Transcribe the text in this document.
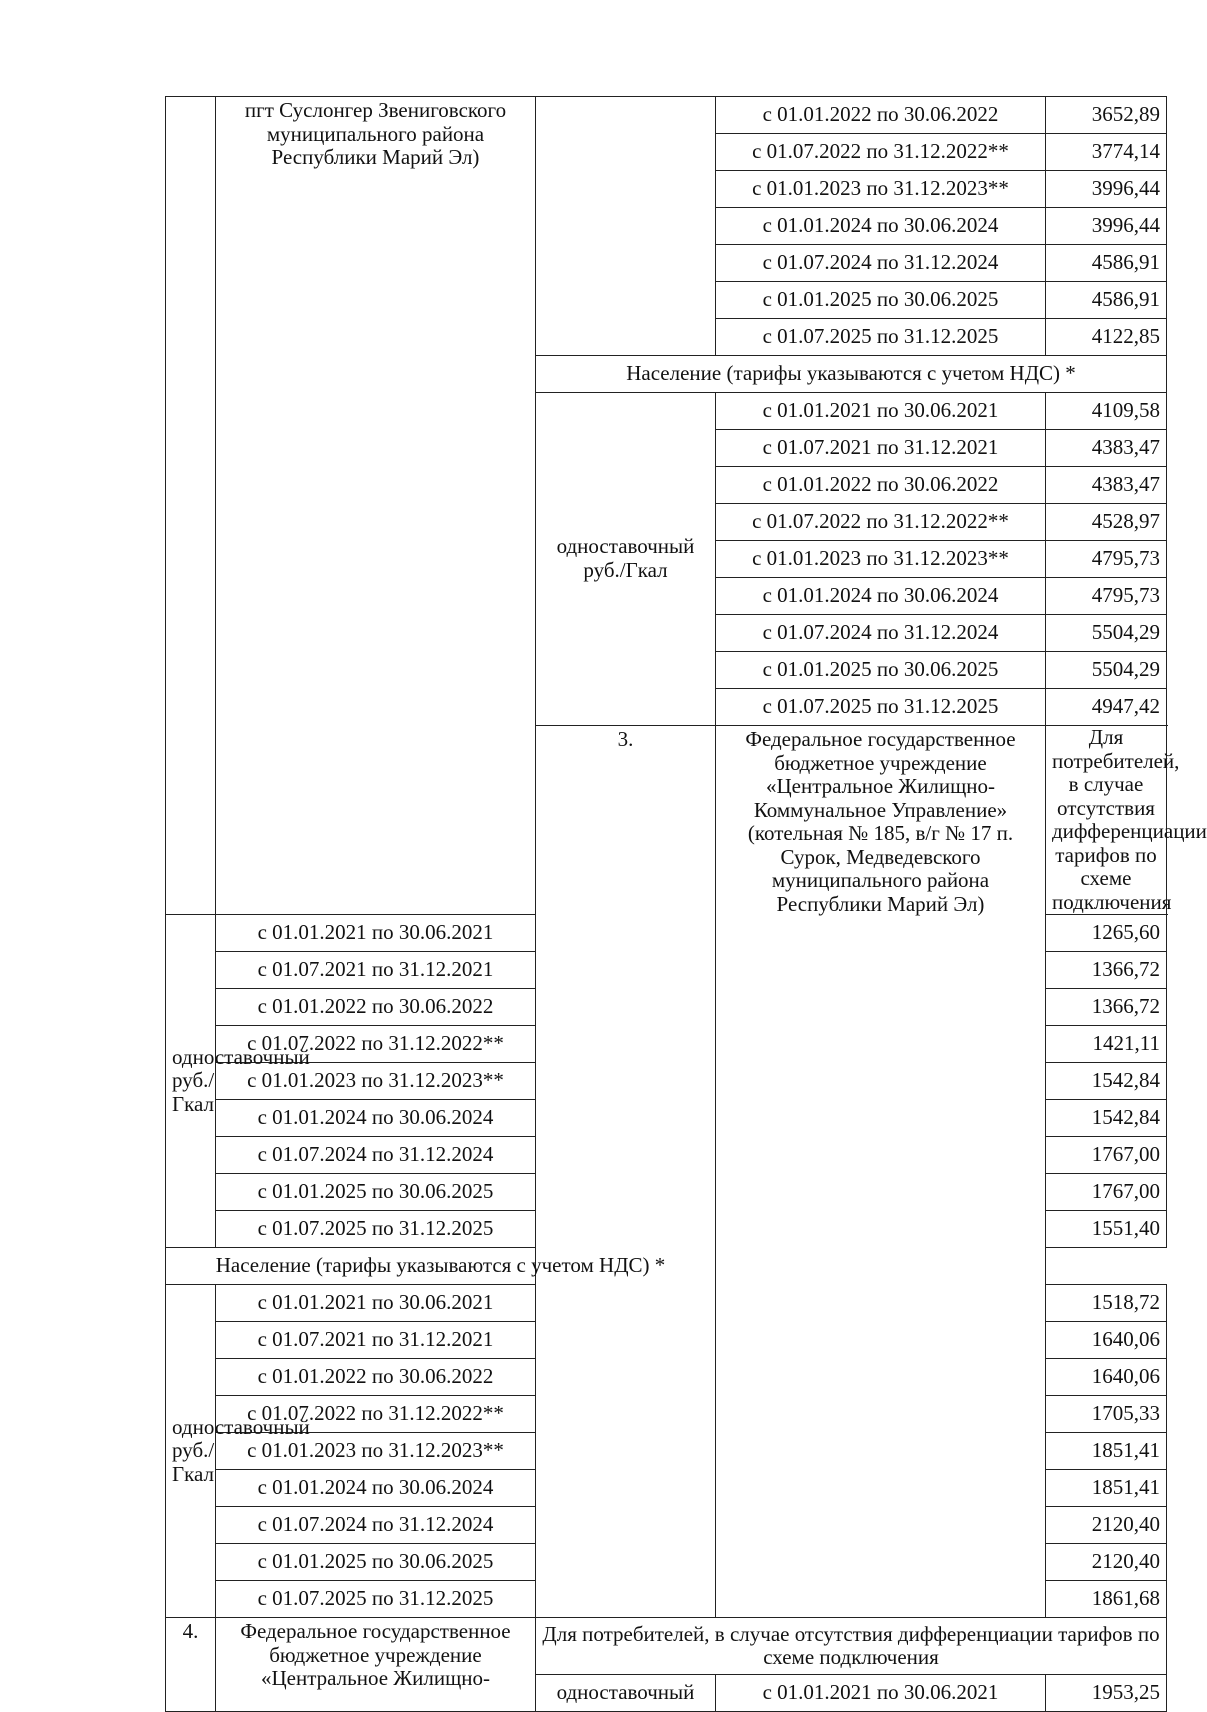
	пгт Суслонгер Звениговского муниципального района Республики Марий Эл)		с 01.01.2022 по 30.06.2022	3652,89
			с 01.07.2022 по 31.12.2022**	3774,14
			с 01.01.2023 по 31.12.2023**	3996,44
			с 01.01.2024 по 30.06.2024	3996,44
			с 01.07.2024 по 31.12.2024	4586,91
			с 01.01.2025 по 30.06.2025	4586,91
			с 01.07.2025 по 31.12.2025	4122,85
		Население (тарифы указываются с учетом НДС) *		
		одноставочный руб./Гкал	с 01.01.2021 по 30.06.2021	4109,58
			с 01.07.2021 по 31.12.2021	4383,47
			с 01.01.2022 по 30.06.2022	4383,47
			с 01.07.2022 по 31.12.2022**	4528,97
			с 01.01.2023 по 31.12.2023**	4795,73
			с 01.01.2024 по 30.06.2024	4795,73
			с 01.07.2024 по 31.12.2024	5504,29
			с 01.01.2025 по 30.06.2025	5504,29
			с 01.07.2025 по 31.12.2025	4947,42

		3.	Федеральное государственное бюджетное учреждение «Центральное Жилищно-Коммунальное Управление» (котельная № 185, в/г № 17 п. Сурок, Медведевского муниципального района Республики Марий Эл)	Для потребителей, в случае отсутствия дифференциации тарифов по схеме подключения
одноставочный руб./Гкал	с 01.01.2021 по 30.06.2021			1265,60
	с 01.07.2021 по 31.12.2021			1366,72
	с 01.01.2022 по 30.06.2022			1366,72
	с 01.07.2022 по 31.12.2022**			1421,11
	с 01.01.2023 по 31.12.2023**			1542,84
	с 01.01.2024 по 30.06.2024			1542,84
	с 01.07.2024 по 31.12.2024			1767,00
	с 01.01.2025 по 30.06.2025			1767,00
	с 01.07.2025 по 31.12.2025			1551,40
Население (тарифы указываются с учетом НДС) *				
одноставочный руб./Гкал	с 01.01.2021 по 30.06.2021			1518,72
	с 01.07.2021 по 31.12.2021			1640,06
	с 01.01.2022 по 30.06.2022			1640,06
	с 01.07.2022 по 31.12.2022**			1705,33
	с 01.01.2023 по 31.12.2023**			1851,41
	с 01.01.2024 по 30.06.2024			1851,41
	с 01.07.2024 по 31.12.2024			2120,40
	с 01.01.2025 по 30.06.2025			2120,40
	с 01.07.2025 по 31.12.2025			1861,68

4.	Федеральное государственное бюджетное учреждение «Центральное Жилищно-	Для потребителей, в случае отсутствия дифференциации тарифов по схеме подключения		
		одноставочный	с 01.01.2021 по 30.06.2021	1953,25
